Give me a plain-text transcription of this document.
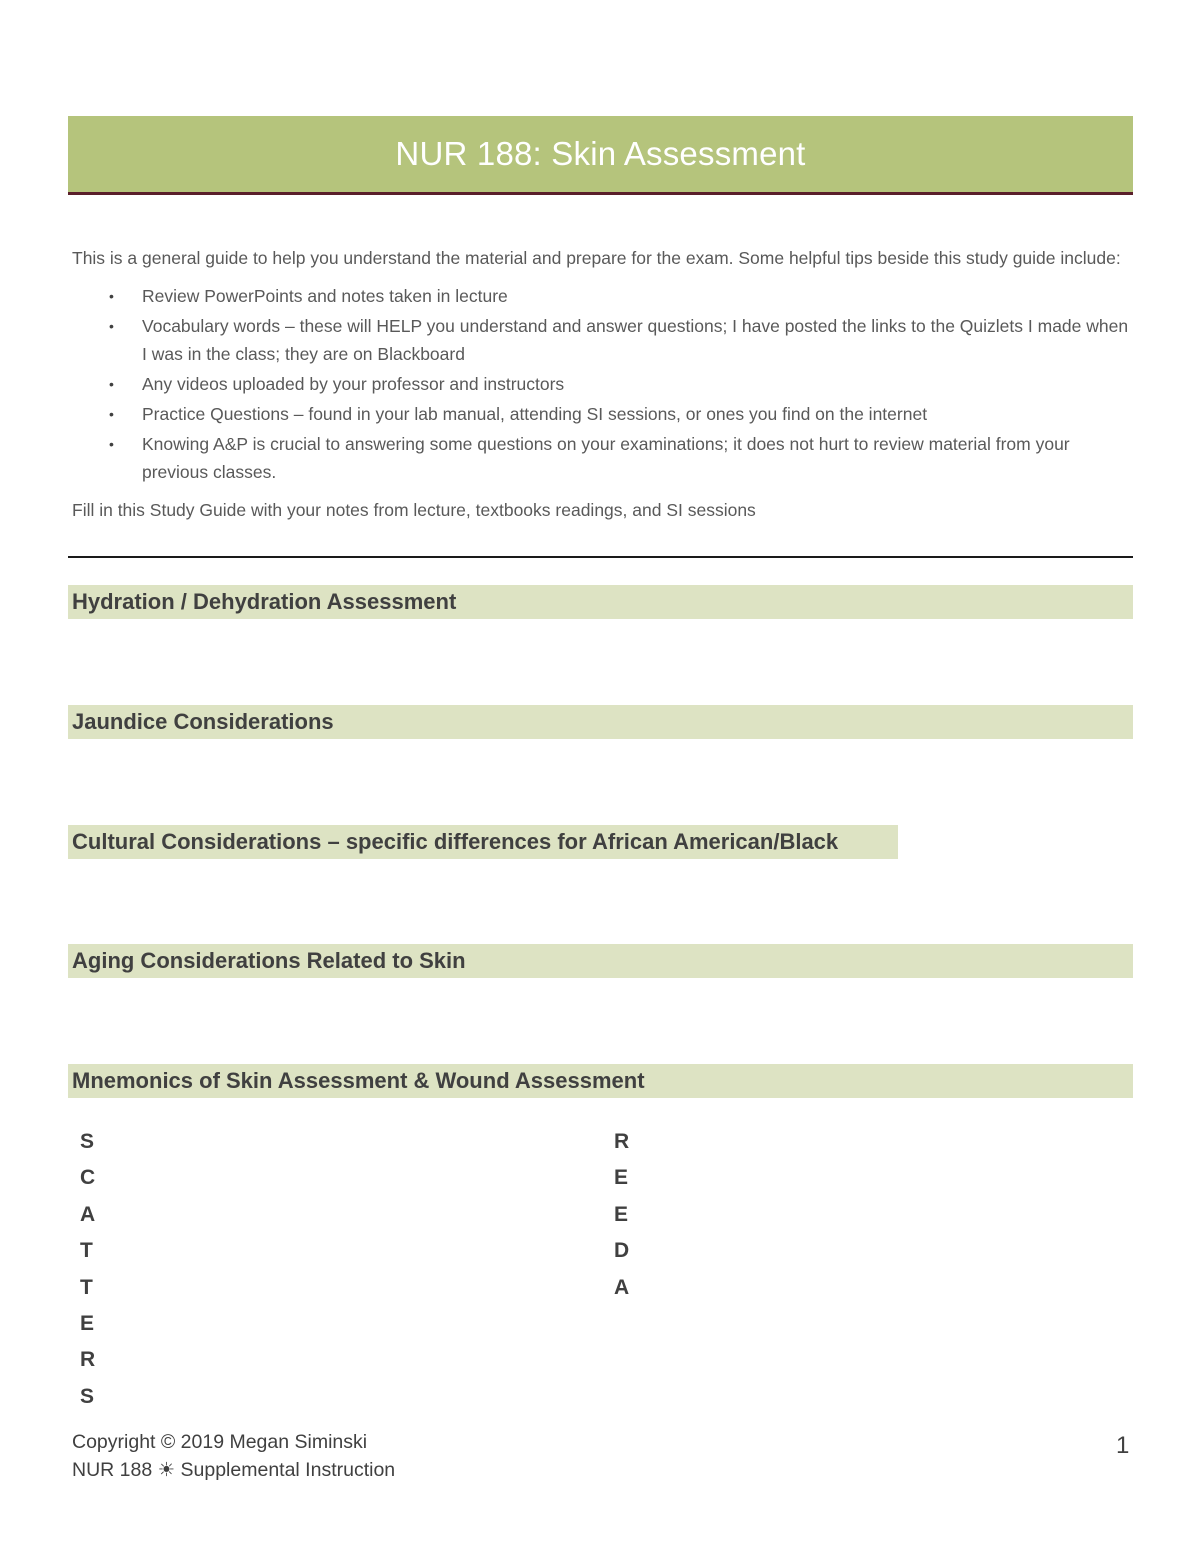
NUR 188: Skin Assessment

This is a general guide to help you understand the material and prepare for the exam. Some helpful tips beside this study guide include:

• Review PowerPoints and notes taken in lecture
• Vocabulary words – these will HELP you understand and answer questions; I have posted the links to the Quizlets I made when I was in the class; they are on Blackboard
• Any videos uploaded by your professor and instructors
• Practice Questions – found in your lab manual, attending SI sessions, or ones you find on the internet
• Knowing A&P is crucial to answering some questions on your examinations; it does not hurt to review material from your previous classes.

Fill in this Study Guide with your notes from lecture, textbooks readings, and SI sessions

Hydration / Dehydration Assessment
Jaundice Considerations
Cultural Considerations – specific differences for African American/Black
Aging Considerations Related to Skin
Mnemonics of Skin Assessment & Wound Assessment
S
C
A
T
T
E
R
S
R
E
E
D
A
Copyright © 2019 Megan Siminski
NUR 188 ☀ Supplemental Instruction
1
